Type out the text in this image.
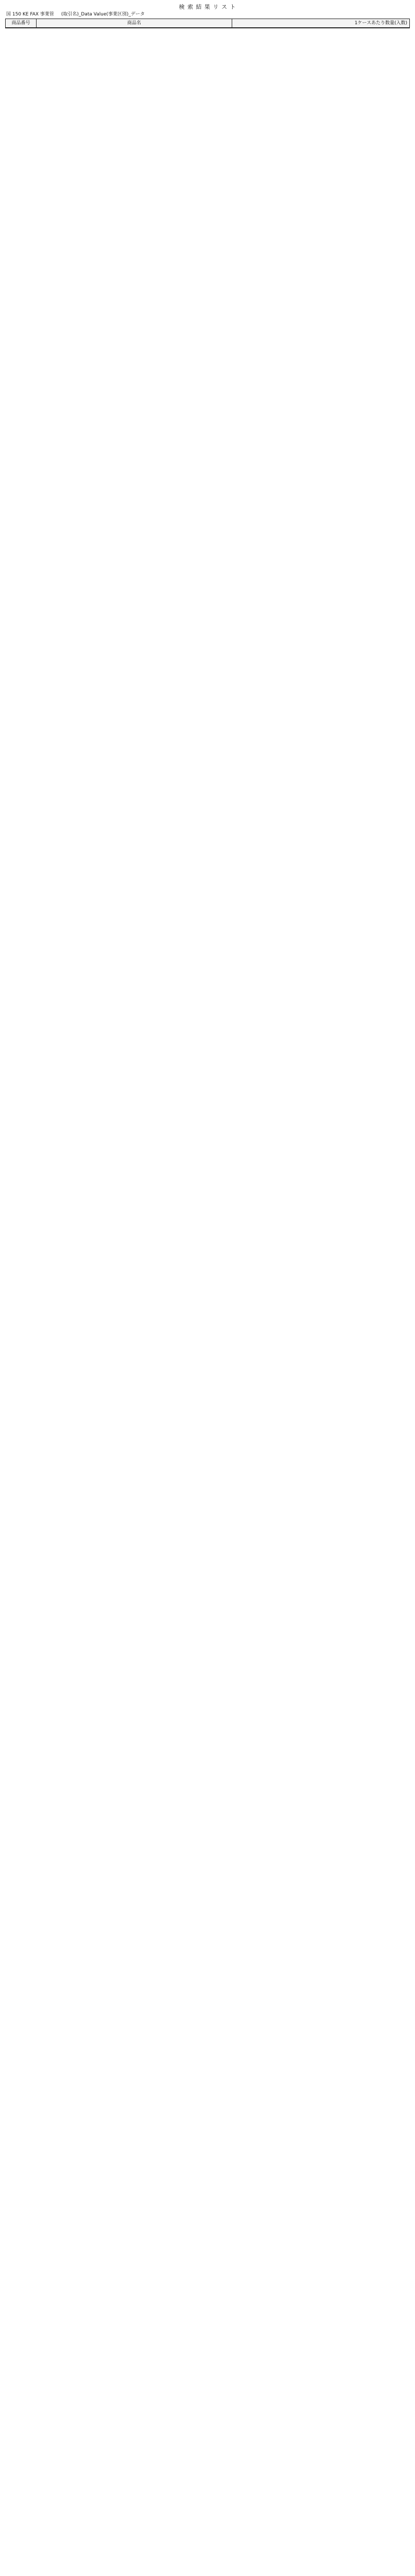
検 索 結 果 リ ス ト
国 150 KE FAX 事業管 (取引名)_Data Value(事業区別)_データ
商品番号	商品名	1ケースあたり数量(入数)
